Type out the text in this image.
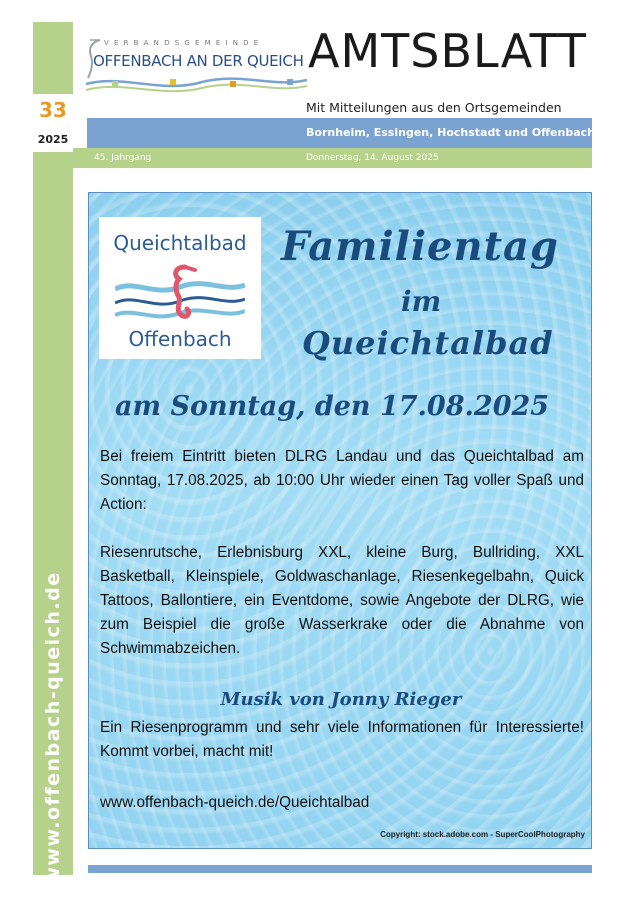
33
2025
www.offenbach-queich.de
VERBANDSGEMEINDE
OFFENBACH AN DER QUEICH AMTSBLATT
Mit Mitteilungen aus den Ortsgemeinden
Bornheim, Essingen, Hochstadt und Offenbach
45. Jahrgang	Donnerstag, 14. August 2025
Queichtalbad
Offenbach
Familientag
im
Queichtalbad
am Sonntag, den 17.08.2025

Bei freiem Eintritt bieten DLRG Landau und das Queichtalbad am Sonntag, 17.08.2025, ab 10:00 Uhr wieder einen Tag voller Spaß und Action:

Riesenrutsche, Erlebnisburg XXL, kleine Burg, Bullriding, XXL Basketball, Kleinspiele, Goldwaschanlage, Riesenkegelbahn, Quick Tattoos, Ballontiere, ein Eventdome, sowie Angebote der DLRG, wie zum Beispiel die große Wasserkrake oder die Abnahme von Schwimmabzeichen.

Musik von Jonny Rieger

Ein Riesenprogramm und sehr viele Informationen für Interessierte! Kommt vorbei, macht mit!

www.offenbach-queich.de/Queichtalbad

Copyright: stock.adobe.com - SuperCoolPhotography
